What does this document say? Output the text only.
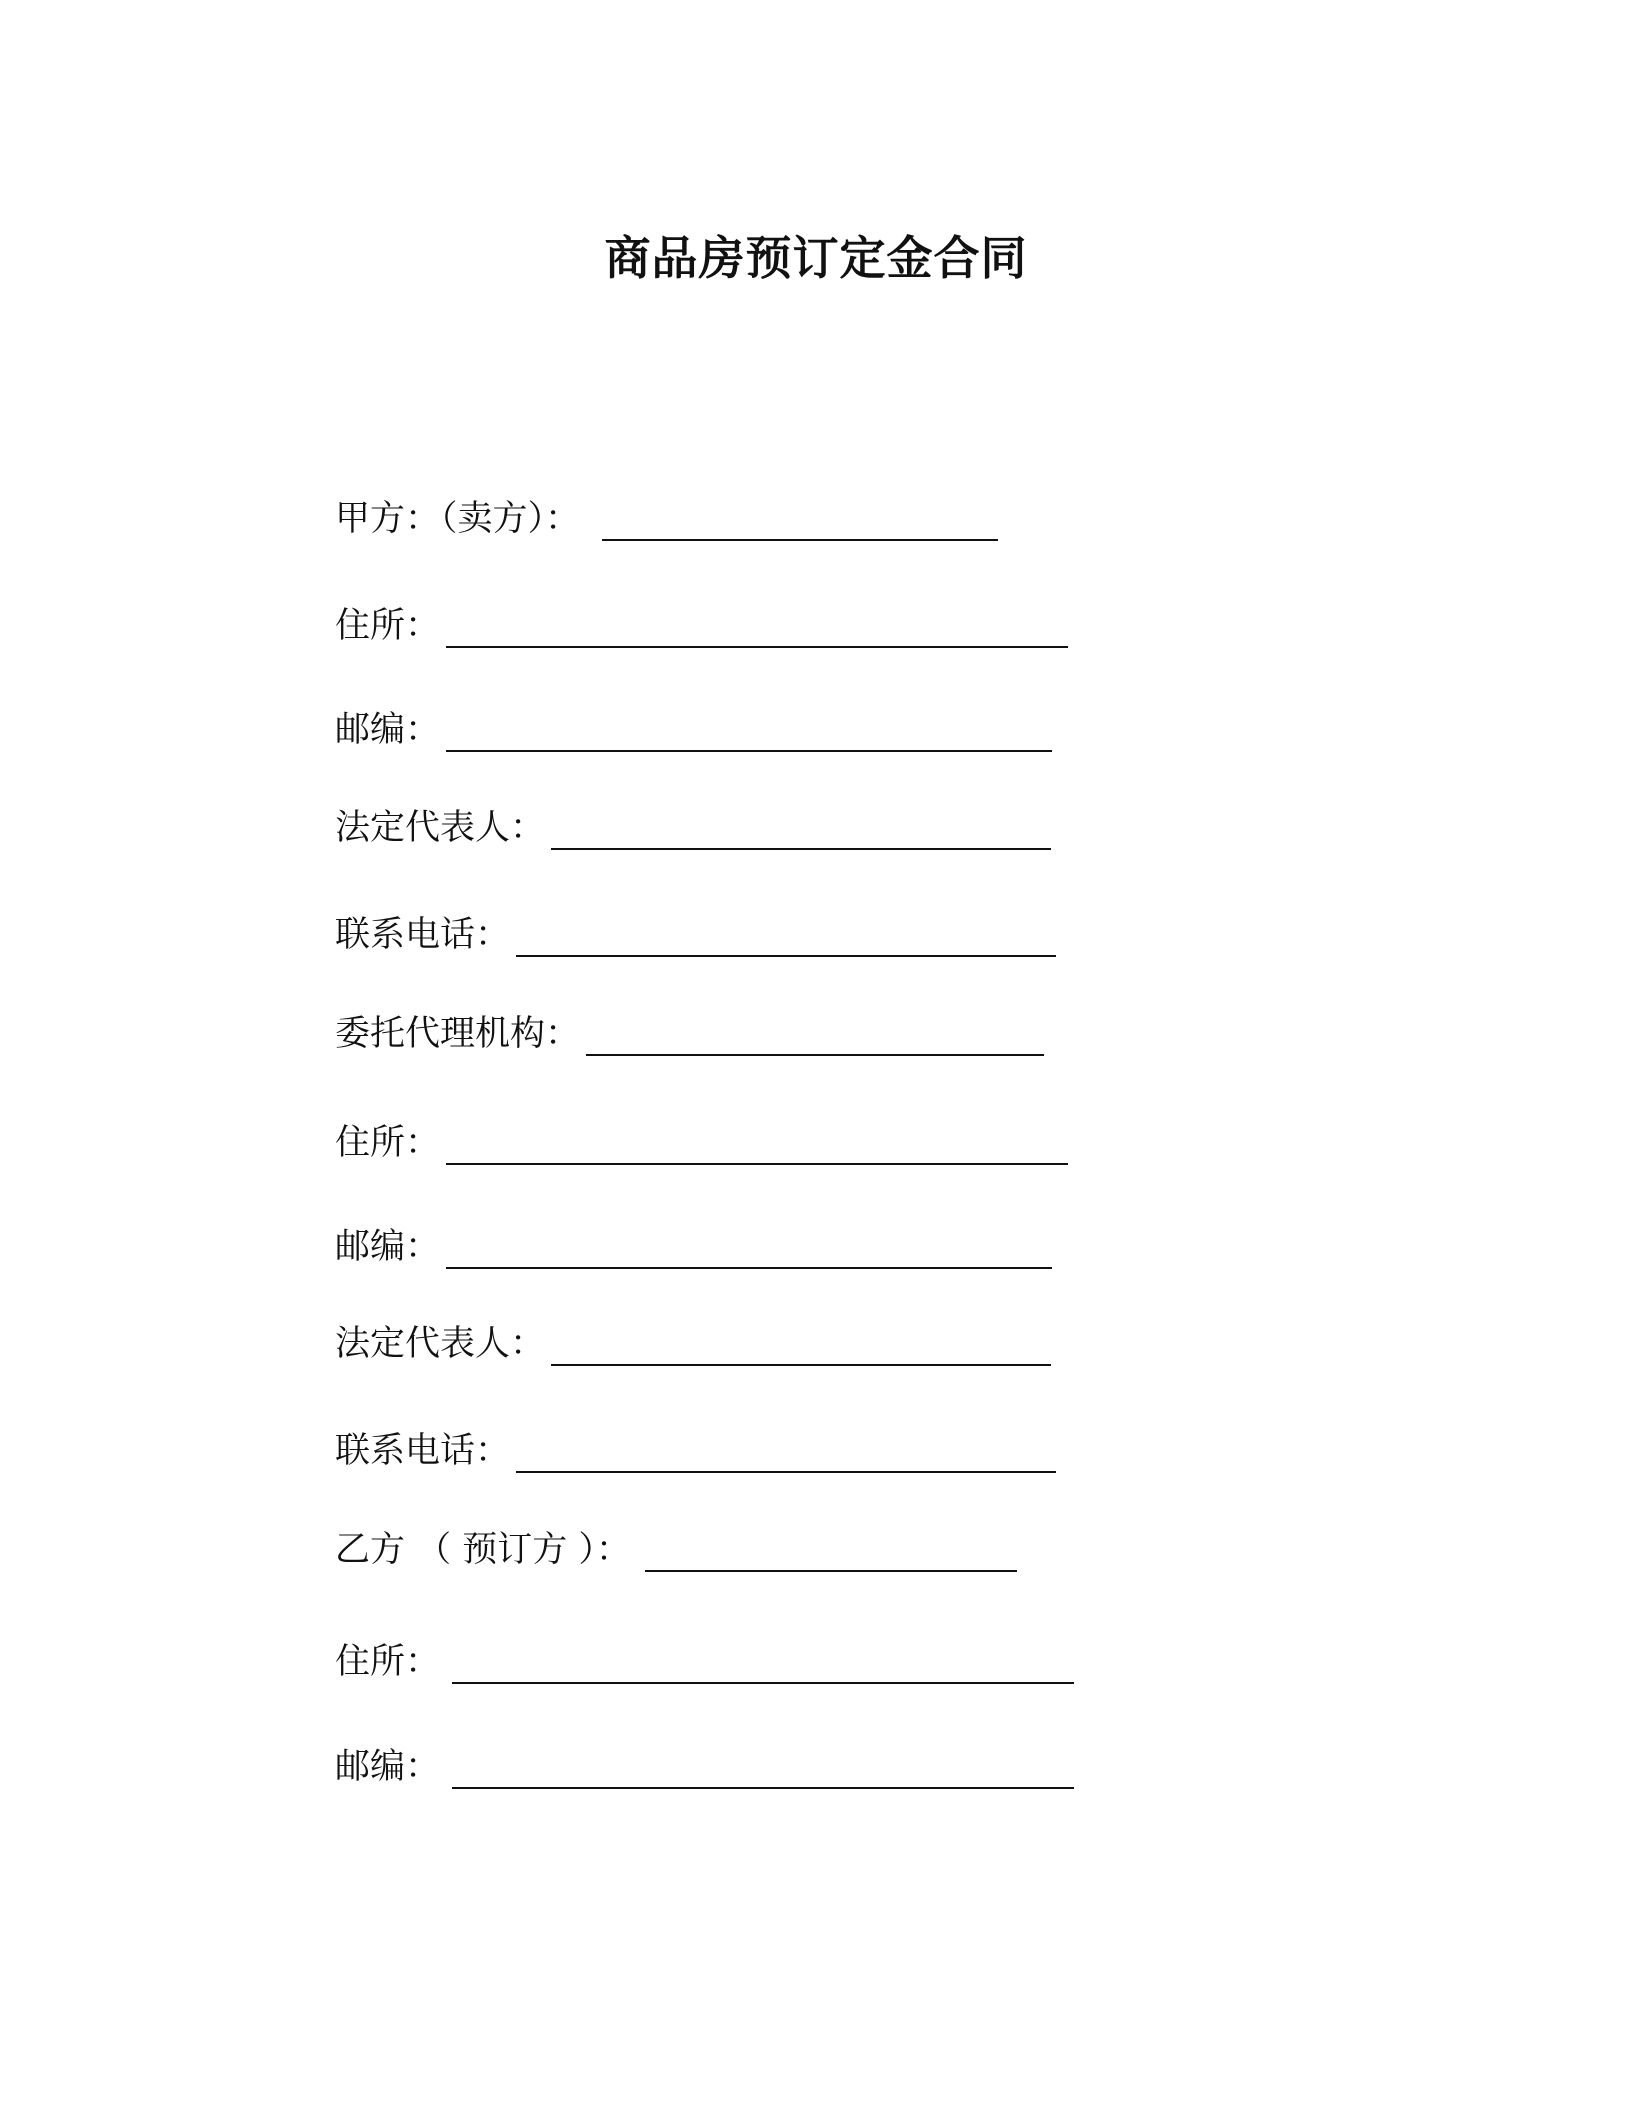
商品房预订定金合同
甲方：（卖方）：
住所：
邮编：
法定代表人：
联系电话：
委托代理机构：
住所：
邮编：
法定代表人：
联系电话：
乙方 （ 预订方 ）：
住所：
邮编：
